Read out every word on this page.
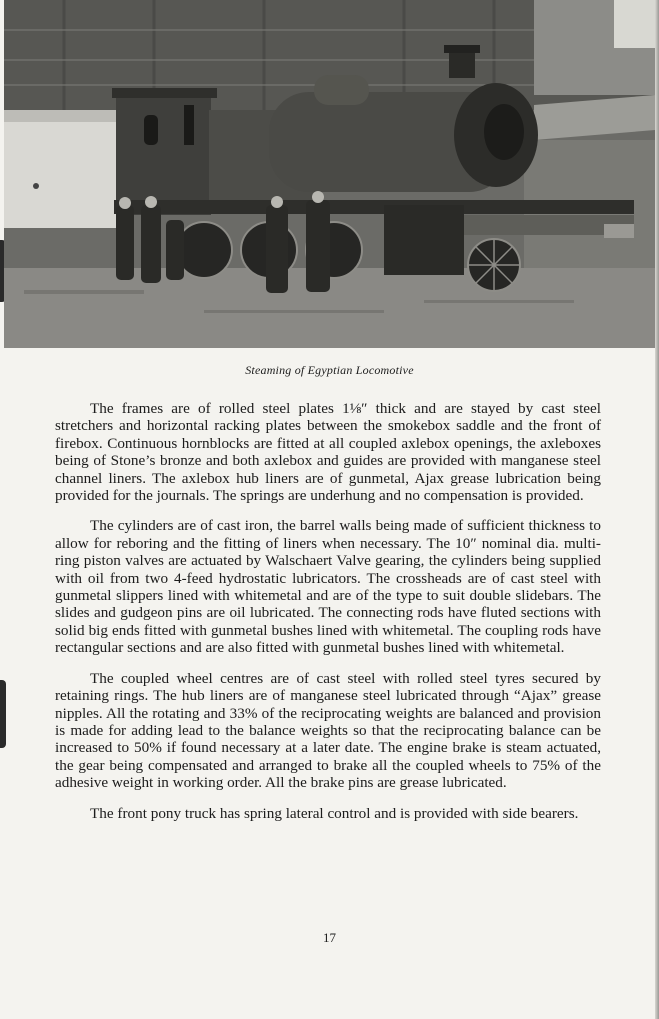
Steaming of Egyptian Locomotive

The frames are of rolled steel plates 1⅛″ thick and are stayed by cast steel stretchers and horizontal racking plates between the smokebox saddle and the front of firebox. Continuous hornblocks are fitted at all coupled axlebox openings, the axleboxes being of Stone’s bronze and both axlebox and guides are provided with manganese steel channel liners. The axlebox hub liners are of gunmetal, Ajax grease lubrication being provided for the journals. The springs are underhung and no compensation is provided.

The cylinders are of cast iron, the barrel walls being made of sufficient thickness to allow for reboring and the fitting of liners when necessary. The 10″ nominal dia. multi-ring piston valves are actuated by Walschaert Valve gearing, the cylinders being supplied with oil from two 4-feed hydrostatic lubricators. The crossheads are of cast steel with gunmetal slippers lined with whitemetal and are of the type to suit double slidebars. The slides and gudgeon pins are oil lubricated. The connecting rods have fluted sections with solid big ends fitted with gunmetal bushes lined with whitemetal. The coupling rods have rectangular sections and are also fitted with gunmetal bushes lined with whitemetal.

The coupled wheel centres are of cast steel with rolled steel tyres secured by retaining rings. The hub liners are of manganese steel lubricated through “Ajax” grease nipples. All the rotating and 33% of the reciprocating weights are balanced and provision is made for adding lead to the balance weights so that the reciprocating balance can be increased to 50% if found necessary at a later date. The engine brake is steam actuated, the gear being compensated and arranged to brake all the coupled wheels to 75% of the adhesive weight in working order. All the brake pins are grease lubricated.

The front pony truck has spring lateral control and is provided with side bearers.

17
